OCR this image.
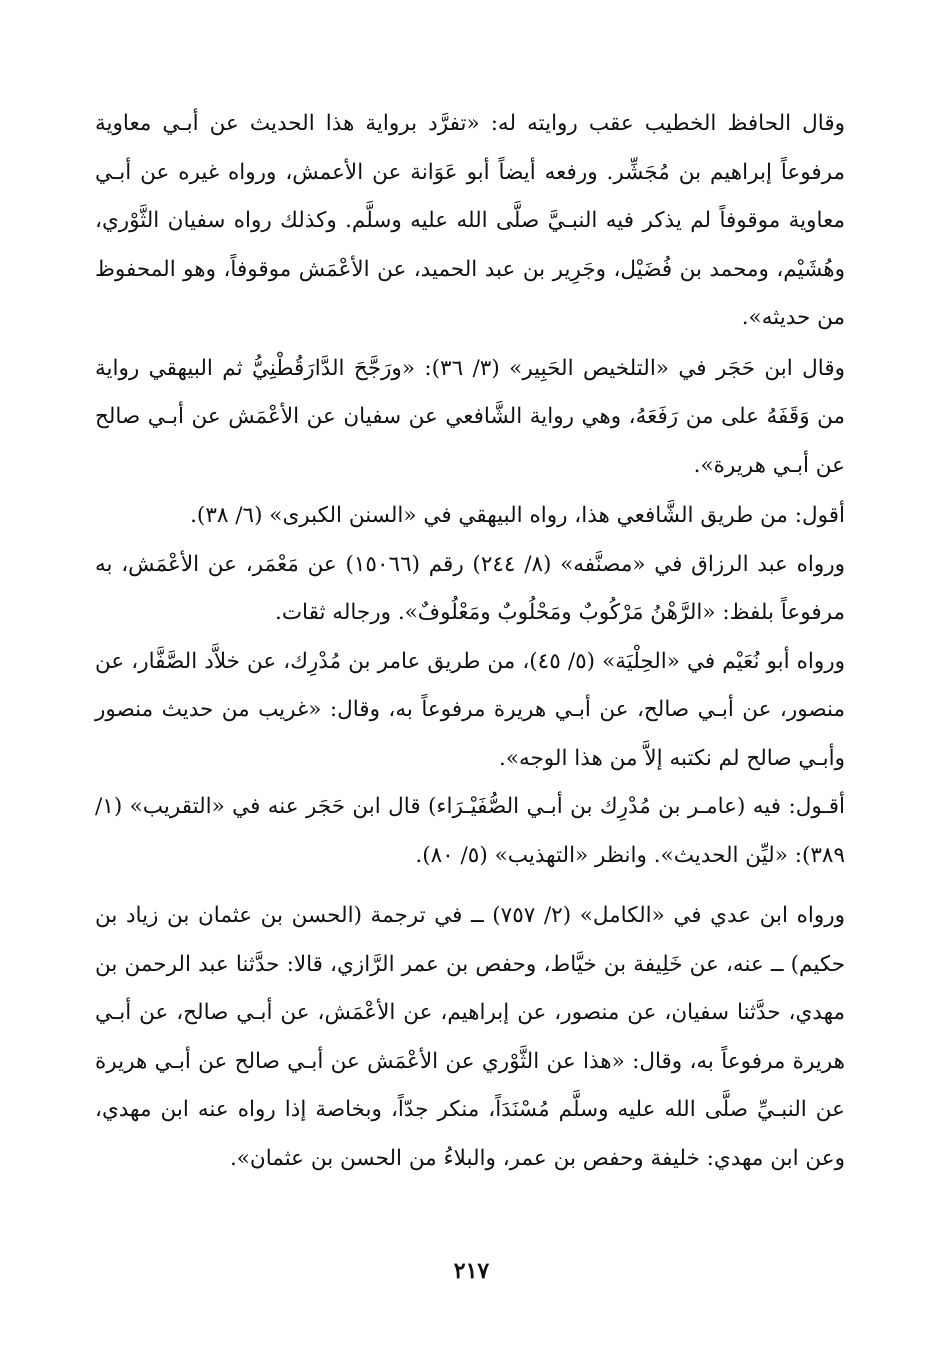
وقال الحافظ الخطيب عقب روايته له: «تفرَّد برواية هذا الحديث عن أبـي معاوية مرفوعاً إبراهيم بن مُجَشِّر. ورفعه أيضاً أبو عَوَانة عن الأعمش، ورواه غيره عن أبـي معاوية موقوفاً لم يذكر فيه النبـيَّ صلَّى الله عليه وسلَّم. وكذلك رواه سفيان الثَّوْري، وهُشَيْم، ومحمد بن فُضَيْل، وجَرِير بن عبد الحميد، عن الأعْمَش موقوفاً، وهو المحفوظ من حديثه».

وقال ابن حَجَر في «التلخيص الحَبِير» (٣/ ٣٦): «ورَجَّحَ الدَّارَقُطْنِيُّ ثم البيهقي رواية من وَقَفَهُ على من رَفَعَهُ، وهي رواية الشَّافعي عن سفيان عن الأعْمَش عن أبـي صالح عن أبـي هريرة».

أقول: من طريق الشَّافعي هذا، رواه البيهقي في «السنن الكبرى» (٦/ ٣٨).

ورواه عبد الرزاق في «مصنَّفه» (٨/ ٢٤٤) رقم (١٥٠٦٦) عن مَعْمَر، عن الأعْمَش، به مرفوعاً بلفظ: «الرَّهْنُ مَرْكُوبٌ ومَحْلُوبٌ ومَعْلُوفٌ». ورجاله ثقات.

ورواه أبو نُعَيْم في «الحِلْيَة» (٥/ ٤٥)، من طريق عامر بن مُدْرِك، عن خلاَّد الصَّفَّار، عن منصور، عن أبـي صالح، عن أبـي هريرة مرفوعاً به، وقال: «غريب من حديث منصور وأبـي صالح لم نكتبه إلاَّ من هذا الوجه».

أقـول: فيه (عامـر بن مُدْرِك بن أبـي الصُّفَيْـرَاء) قال ابن حَجَر عنه في «التقريب» (١/ ٣٨٩): «ليِّن الحديث». وانظر «التهذيب» (٥/ ٨٠).

ورواه ابن عدي في «الكامل» (٢/ ٧٥٧) ــ في ترجمة (الحسن بن عثمان بن زياد بن حكيم) ــ عنه، عن خَلِيفة بن خيَّاط، وحفص بن عمر الرَّازي، قالا: حدَّثنا عبد الرحمن بن مهدي، حدَّثنا سفيان، عن منصور، عن إبراهيم، عن الأعْمَش، عن أبـي صالح، عن أبـي هريرة مرفوعاً به، وقال: «هذا عن الثَّوْري عن الأعْمَش عن أبـي صالح عن أبـي هريرة عن النبـيِّ صلَّى الله عليه وسلَّم مُسْنَدَاً، منكر جدّاً، وبخاصة إذا رواه عنه ابن مهدي، وعن ابن مهدي: خليفة وحفص بن عمر، والبلاءُ من الحسن بن عثمان».

٢١٧
